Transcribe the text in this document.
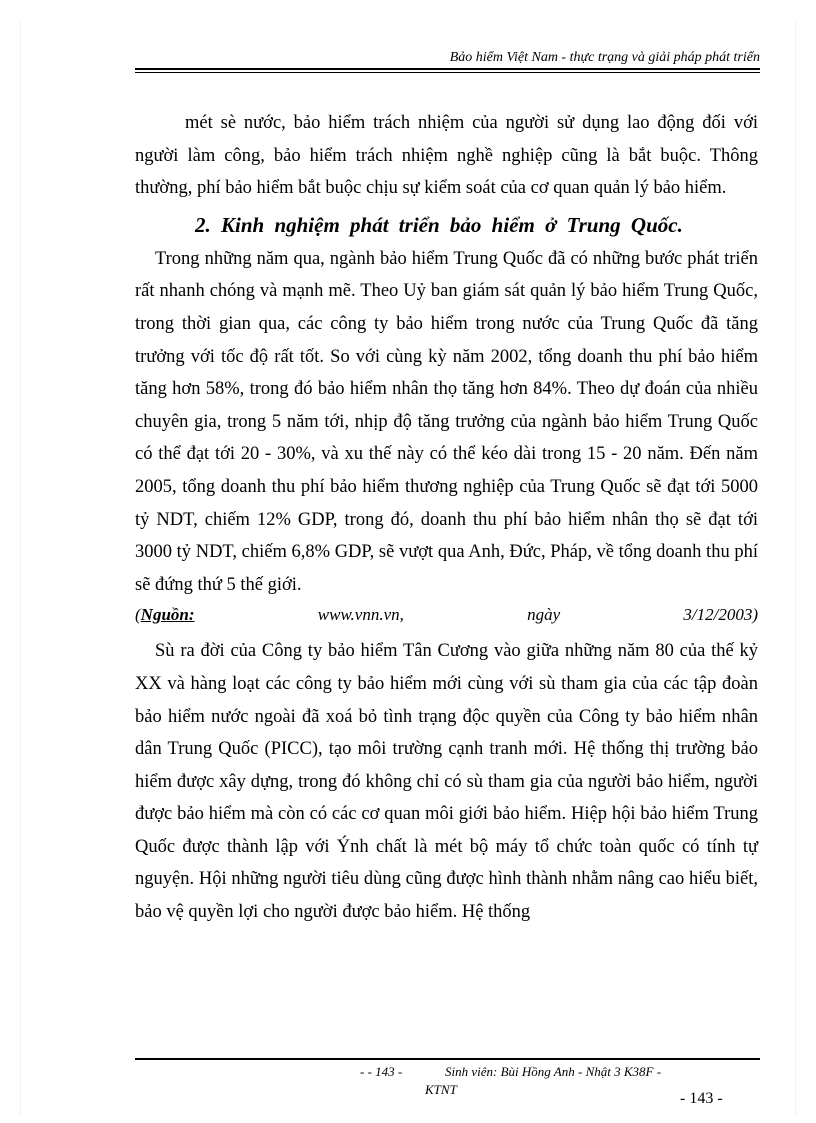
Bảo hiểm Việt Nam - thực trạng và giải pháp phát triển

mét sè nước, bảo hiểm trách nhiệm của người sử dụng lao động đối với người làm công, bảo hiểm trách nhiệm nghề nghiệp cũng là bắt buộc. Thông thường, phí bảo hiểm bắt buộc chịu sự kiểm soát của cơ quan quản lý bảo hiểm.

2. Kinh nghiệm phát triển bảo hiểm ở Trung Quốc.

Trong những năm qua, ngành bảo hiểm Trung Quốc đã có những bước phát triển rất nhanh chóng và mạnh mẽ. Theo Uỷ ban giám sát quản lý bảo hiểm Trung Quốc, trong thời gian qua, các công ty bảo hiểm trong nước của Trung Quốc đã tăng trưởng với tốc độ rất tốt. So với cùng kỳ năm 2002, tổng doanh thu phí bảo hiểm tăng hơn 58%, trong đó bảo hiểm nhân thọ tăng hơn 84%. Theo dự đoán của nhiều chuyên gia, trong 5 năm tới, nhịp độ tăng trưởng của ngành bảo hiểm Trung Quốc có thể đạt tới 20 - 30%, và xu thế này có thể kéo dài trong 15 - 20 năm. Đến năm 2005, tổng doanh thu phí bảo hiểm thương nghiệp của Trung Quốc sẽ đạt tới 5000 tỷ NDT, chiếm 12% GDP, trong đó, doanh thu phí bảo hiểm nhân thọ sẽ đạt tới 3000 tỷ NDT, chiếm 6,8% GDP, sẽ vượt qua Anh, Đức, Pháp, về tổng doanh thu phí sẽ đứng thứ 5 thế giới.

(Nguồn:	www.vnn.vn,	ngày	3/12/2003)

Sù ra đời của Công ty bảo hiểm Tân Cương vào giữa những năm 80 của thế kỷ XX và hàng loạt các công ty bảo hiểm mới cùng với sù tham gia của các tập đoàn bảo hiểm nước ngoài đã xoá bỏ tình trạng độc quyền của Công ty bảo hiểm nhân dân Trung Quốc (PICC), tạo môi trường cạnh tranh mới. Hệ thống thị trường bảo hiểm được xây dựng, trong đó không chỉ có sù tham gia của người bảo hiểm, người được bảo hiểm mà còn có các cơ quan môi giới bảo hiểm. Hiệp hội bảo hiểm Trung Quốc được thành lập với Ýnh chất là mét bộ máy tổ chức toàn quốc có tính tự nguyện. Hội những người tiêu dùng cũng được hình thành nhằm nâng cao hiểu biết, bảo vệ quyền lợi cho người được bảo hiểm. Hệ thống

- - 143 -	Sinh viên: Bùi Hồng Anh - Nhật 3 K38F -
KTNT
- 143 -
